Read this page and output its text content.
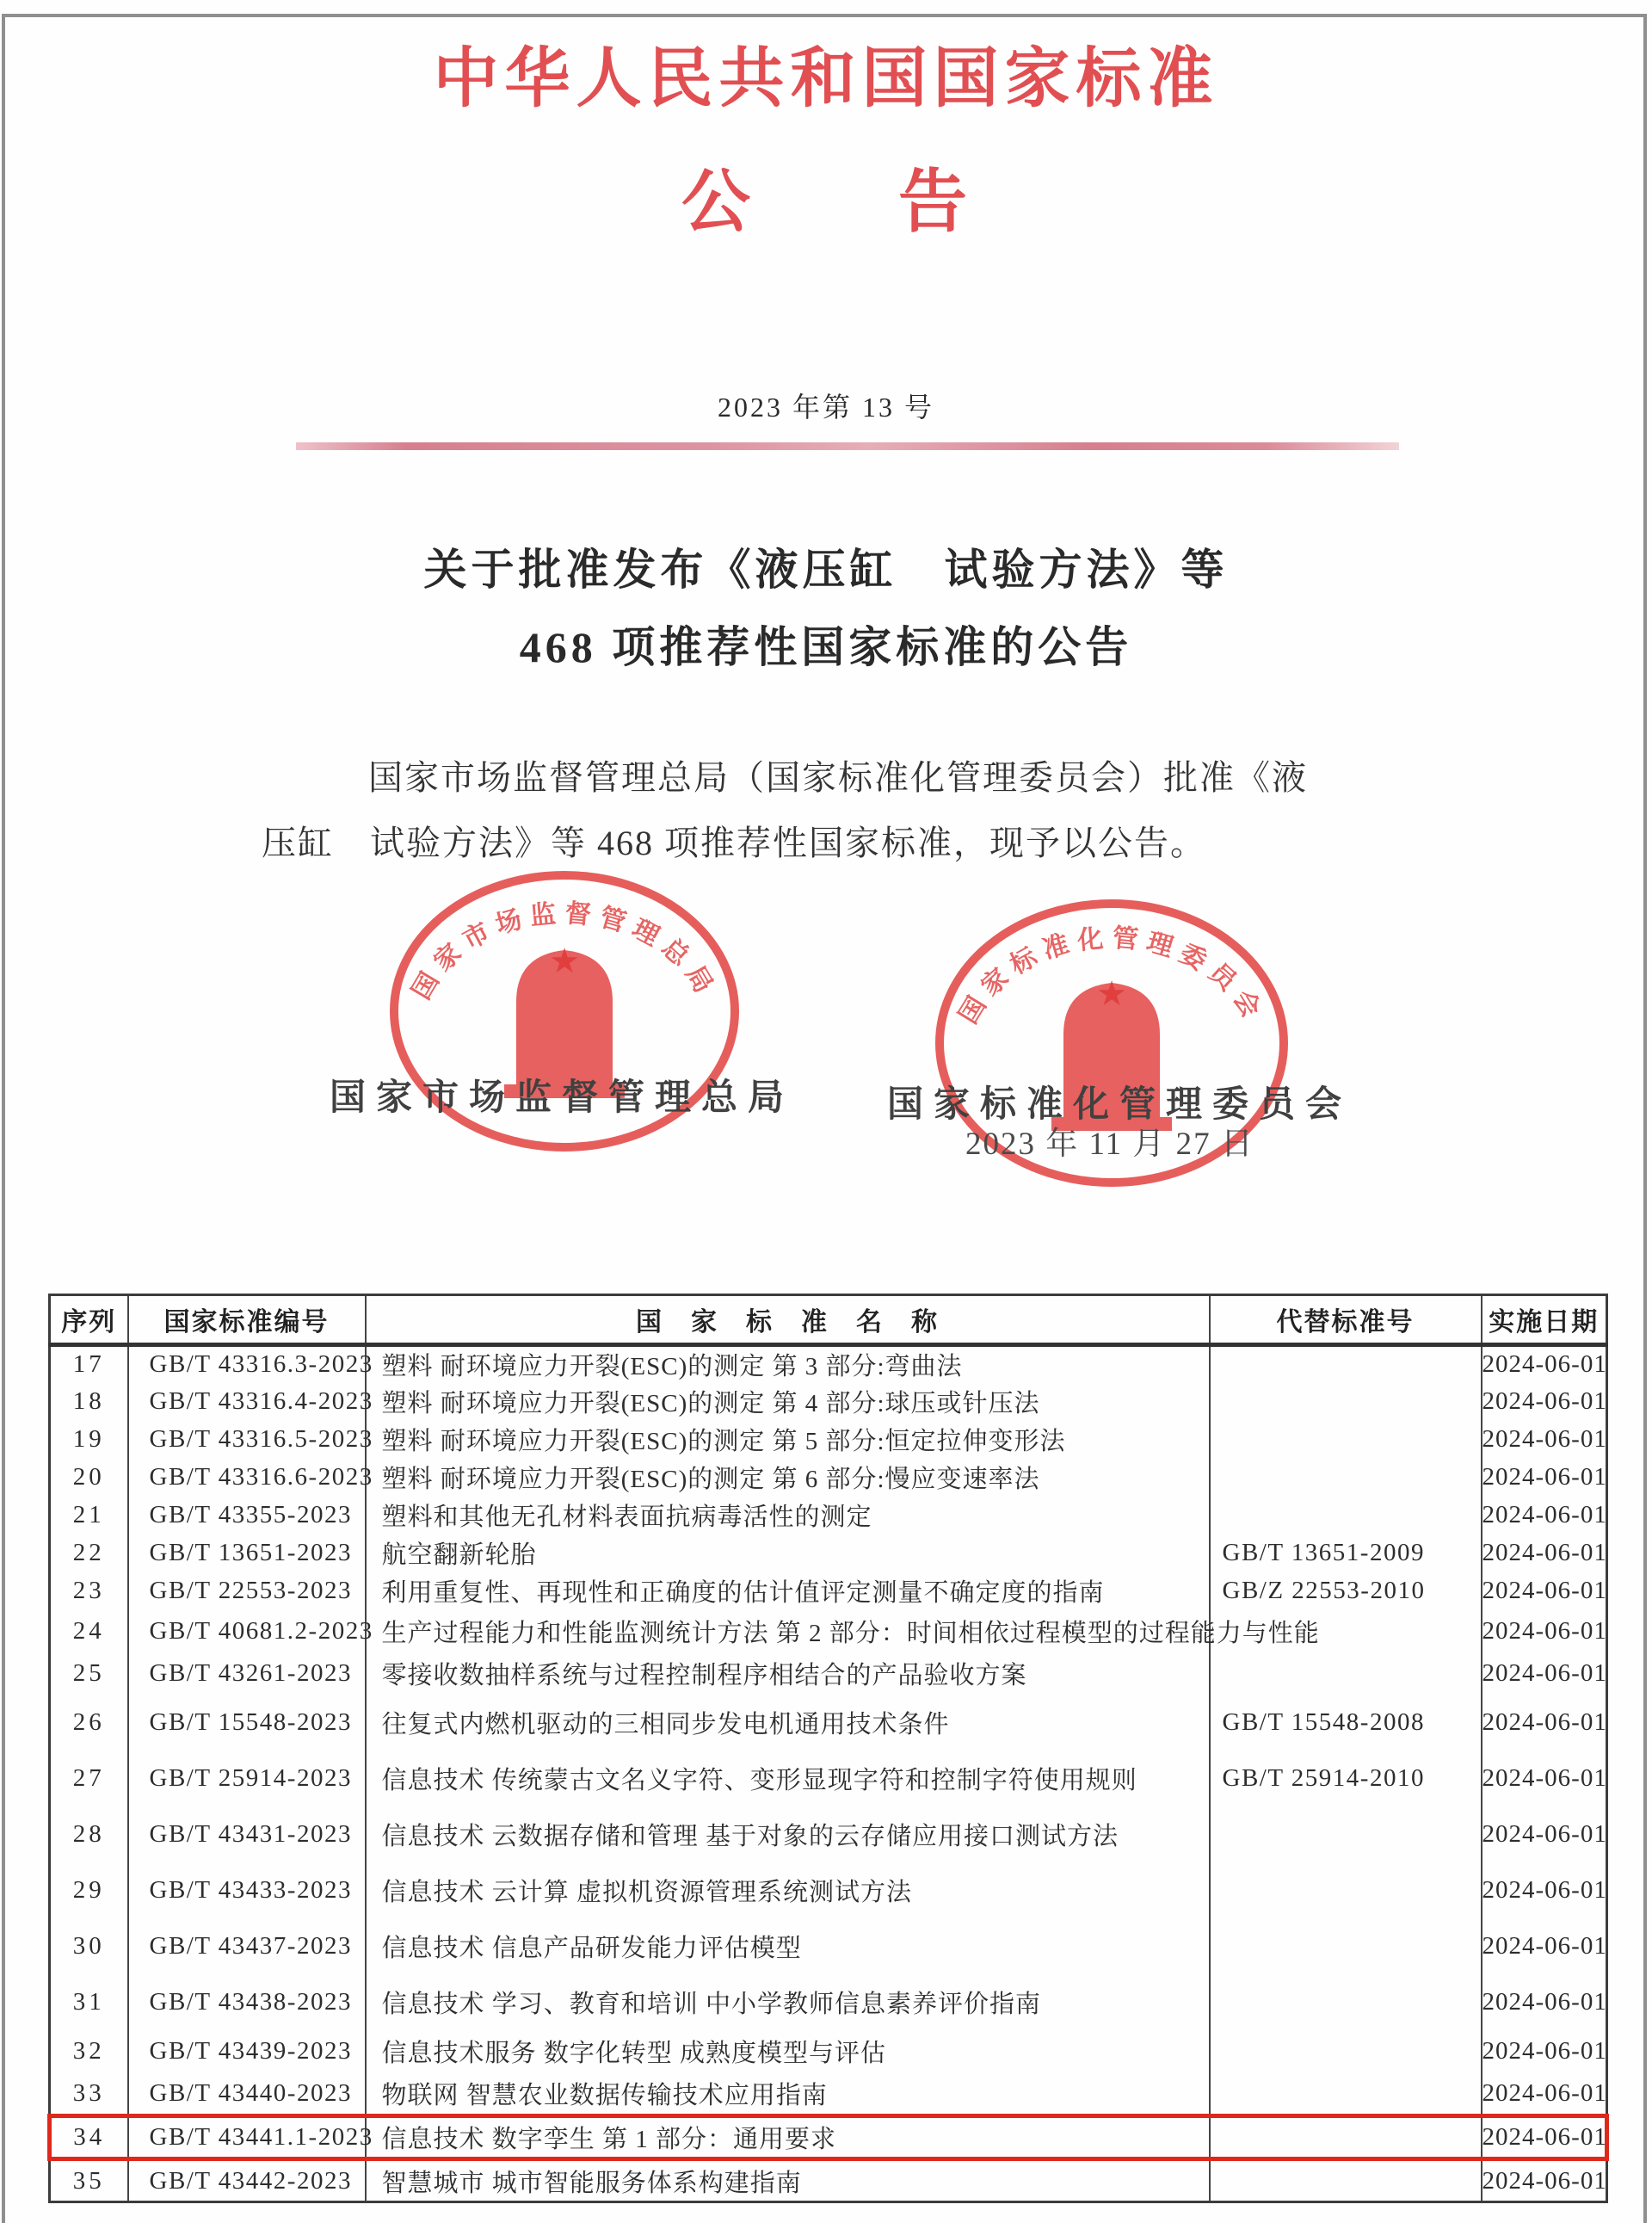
中华人民共和国国家标准
公　　告
2023 年第 13 号
关于批准发布《液压缸　试验方法》等
468 项推荐性国家标准的公告
国家市场监督管理总局（国家标准化管理委员会）批准《液
压缸　试验方法》等 468 项推荐性国家标准，现予以公告。
国家市场监督管理总局
国家标准化管理委员会
国家市场监督管理总局	国家标准化管理委员会
2023 年 11 月 27 日
序列	国家标准编号	国　家　标　准　名　称	代替标准号	实施日期
17	GB/T 43316.3-2023	塑料 耐环境应力开裂(ESC)的测定 第 3 部分:弯曲法		2024-06-01
18	GB/T 43316.4-2023	塑料 耐环境应力开裂(ESC)的测定 第 4 部分:球压或针压法		2024-06-01
19	GB/T 43316.5-2023	塑料 耐环境应力开裂(ESC)的测定 第 5 部分:恒定拉伸变形法		2024-06-01
20	GB/T 43316.6-2023	塑料 耐环境应力开裂(ESC)的测定 第 6 部分:慢应变速率法		2024-06-01
21	GB/T 43355-2023	塑料和其他无孔材料表面抗病毒活性的测定		2024-06-01
22	GB/T 13651-2023	航空翻新轮胎	GB/T 13651-2009	2024-06-01
23	GB/T 22553-2023	利用重复性、再现性和正确度的估计值评定测量不确定度的指南	GB/Z 22553-2010	2024-06-01
24	GB/T 40681.2-2023	生产过程能力和性能监测统计方法 第 2 部分：时间相依过程模型的过程能力与性能		2024-06-01
25	GB/T 43261-2023	零接收数抽样系统与过程控制程序相结合的产品验收方案		2024-06-01
26	GB/T 15548-2023	往复式内燃机驱动的三相同步发电机通用技术条件	GB/T 15548-2008	2024-06-01
27	GB/T 25914-2023	信息技术 传统蒙古文名义字符、变形显现字符和控制字符使用规则	GB/T 25914-2010	2024-06-01
28	GB/T 43431-2023	信息技术 云数据存储和管理 基于对象的云存储应用接口测试方法		2024-06-01
29	GB/T 43433-2023	信息技术 云计算 虚拟机资源管理系统测试方法		2024-06-01
30	GB/T 43437-2023	信息技术 信息产品研发能力评估模型		2024-06-01
31	GB/T 43438-2023	信息技术 学习、教育和培训 中小学教师信息素养评价指南		2024-06-01
32	GB/T 43439-2023	信息技术服务 数字化转型 成熟度模型与评估		2024-06-01
33	GB/T 43440-2023	物联网 智慧农业数据传输技术应用指南		2024-06-01
34	GB/T 43441.1-2023	信息技术 数字孪生 第 1 部分：通用要求		2024-06-01
35	GB/T 43442-2023	智慧城市 城市智能服务体系构建指南		2024-06-01
